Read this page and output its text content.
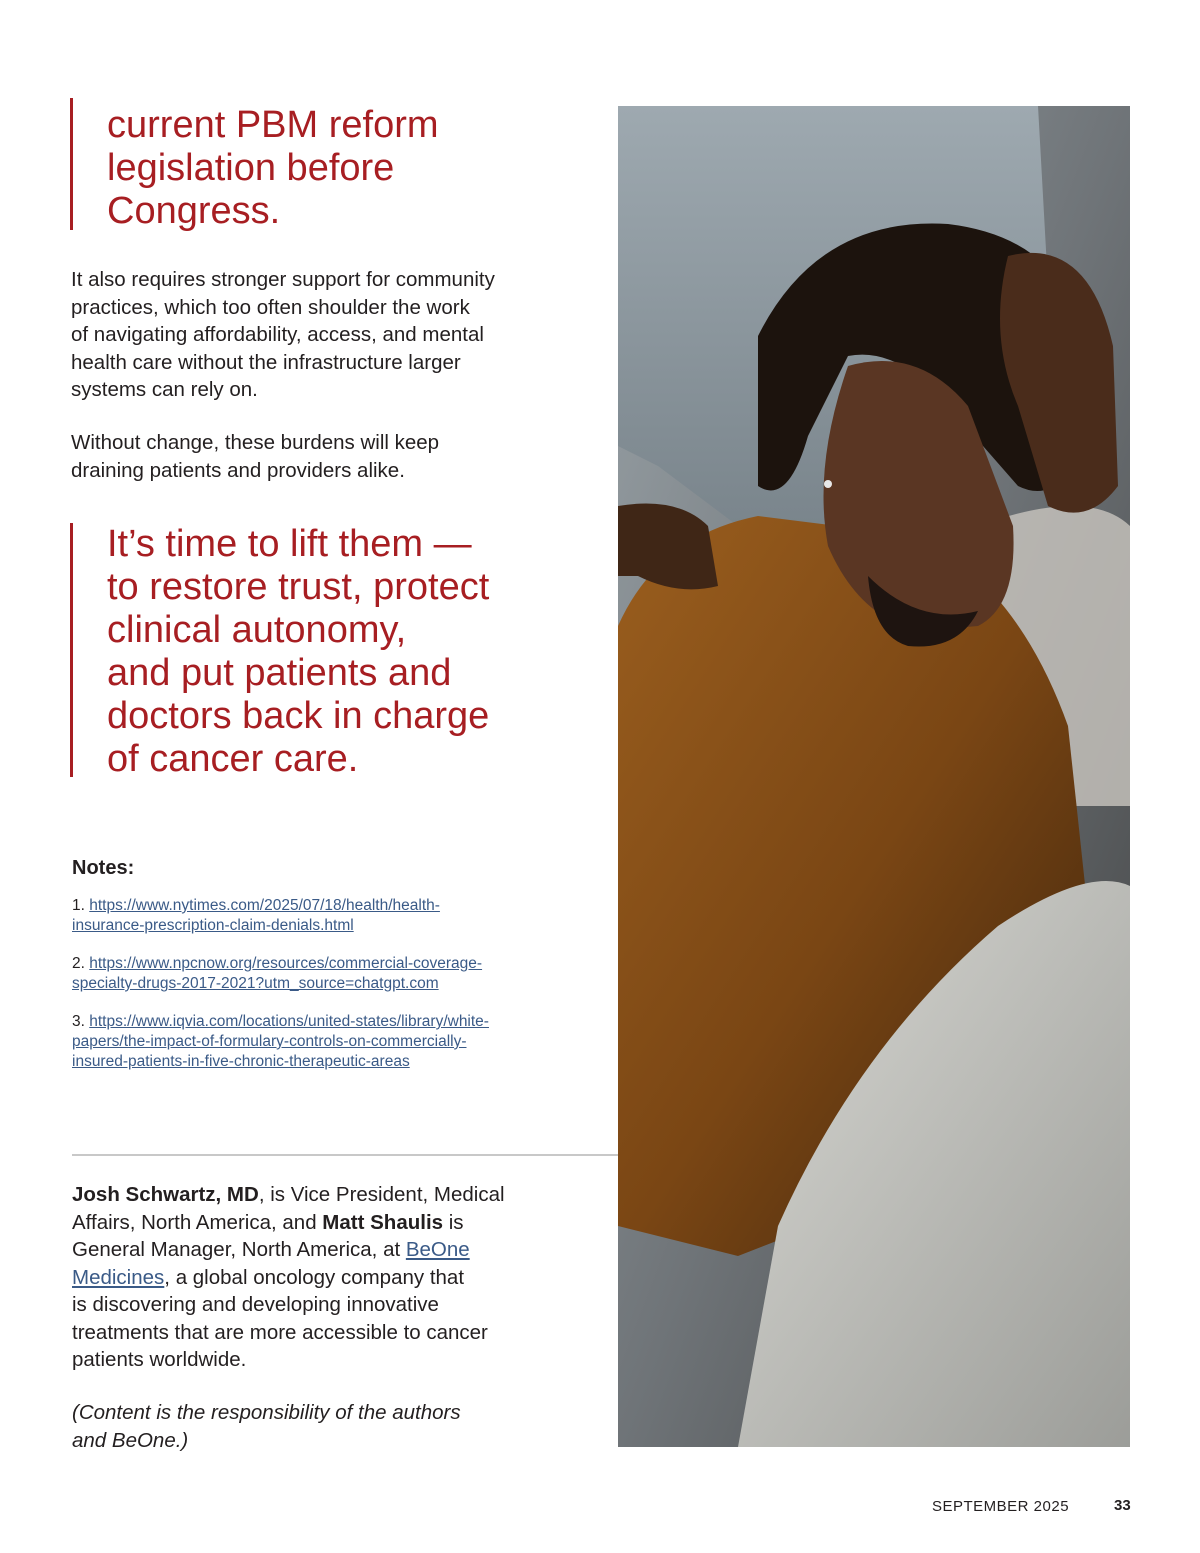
current PBM reform
legislation before
Congress.
It also requires stronger support for community
practices, which too often shoulder the work
of navigating affordability, access, and mental
health care without the infrastructure larger
systems can rely on.
Without change, these burdens will keep
draining patients and providers alike.
It’s time to lift them —
to restore trust, protect
clinical autonomy,
and put patients and
doctors back in charge
of cancer care.
Notes:
1. https://www.nytimes.com/2025/07/18/health/health-
insurance-prescription-claim-denials.html
2. https://www.npcnow.org/resources/commercial-coverage-
specialty-drugs-2017-2021?utm_source=chatgpt.com
3. https://www.iqvia.com/locations/united-states/library/white-
papers/the-impact-of-formulary-controls-on-commercially-
insured-patients-in-five-chronic-therapeutic-areas
Josh Schwartz, MD, is Vice President, Medical
Affairs, North America, and Matt Shaulis is
General Manager, North America, at BeOne
Medicines, a global oncology company that
is discovering and developing innovative
treatments that are more accessible to cancer
patients worldwide.
(Content is the responsibility of the authors
and BeOne.)
SEPTEMBER 2025	33
